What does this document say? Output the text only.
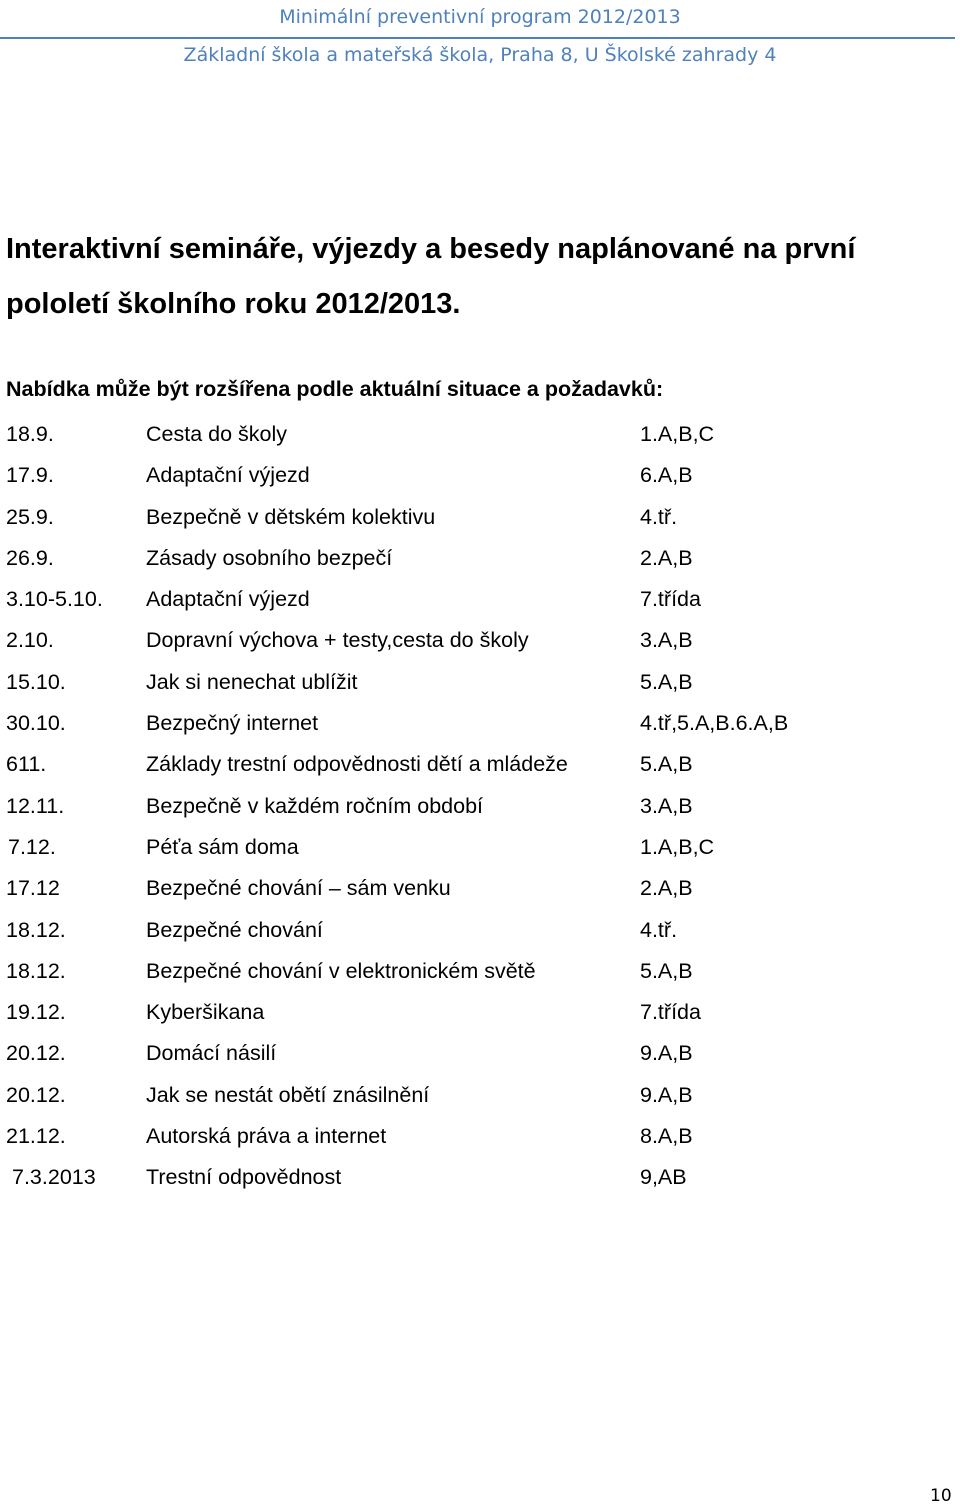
Minimální preventivní program 2012/2013
Základní škola a mateřská škola, Praha 8, U Školské zahrady 4
Interaktivní semináře, výjezdy a besedy naplánované na první
pololetí školního roku 2012/2013.

Nabídka může být rozšířena podle aktuální situace a požadavků:

18.9.	Cesta do školy	1.A,B,C
17.9.	Adaptační výjezd	6.A,B
25.9.	Bezpečně v dětském kolektivu	4.tř.
26.9.	Zásady osobního bezpečí	2.A,B
3.10-5.10. Adaptační výjezd	7.třída
2.10.	Dopravní výchova + testy,cesta do školy	3.A,B
15.10.	Jak si nenechat ublížit	5.A,B
30.10.	Bezpečný internet	4.tř,5.A,B.6.A,B
611.	Základy trestní odpovědnosti dětí a mládeže	5.A,B
12.11.	Bezpečně v každém ročním období	3.A,B
7.12.	Péťa sám doma	1.A,B,C
17.12	Bezpečné chování – sám venku	2.A,B
18.12.	Bezpečné chování	4.tř.
18.12.	Bezpečné chování v elektronickém světě	5.A,B
19.12.	Kyberšikana	7.třída
20.12.	Domácí násilí	9.A,B
20.12.	Jak se nestát obětí znásilnění	9.A,B
21.12.	Autorská práva a internet	8.A,B
7.3.2013 Trestní odpovědnost	9,AB
10
